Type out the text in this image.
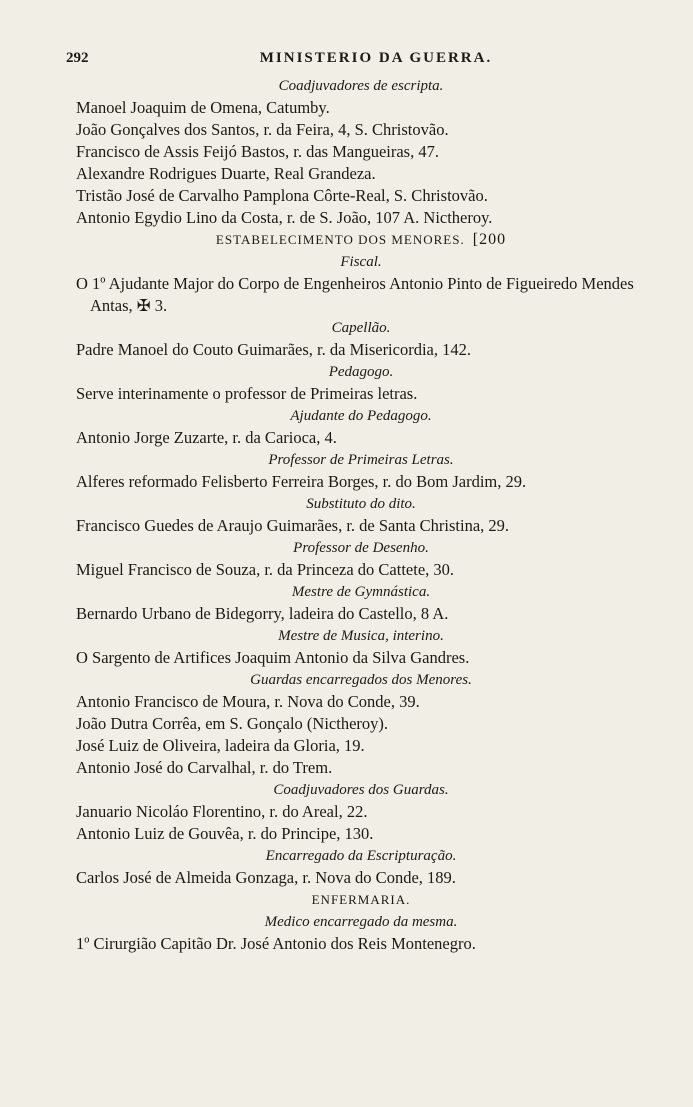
292	MINISTERIO DA GUERRA.
Coadjuvadores de escripta.
Manoel Joaquim de Omena, Catumby.
João Gonçalves dos Santos, r. da Feira, 4, S. Christovão.
Francisco de Assis Feijó Bastos, r. das Mangueiras, 47.
Alexandre Rodrigues Duarte, Real Grandeza.
Tristão José de Carvalho Pamplona Côrte-Real, S. Christovão.
Antonio Egydio Lino da Costa, r. de S. João, 107 A. Nictheroy.
ESTABELECIMENTO DOS MENORES. [200
Fiscal.
O 1º Ajudante Major do Corpo de Engenheiros Antonio Pinto de Figueiredo Mendes Antas, ✠ 3.
Capellão.
Padre Manoel do Couto Guimarães, r. da Misericordia, 142.
Pedagogo.
Serve interinamente o professor de Primeiras letras.
Ajudante do Pedagogo.
Antonio Jorge Zuzarte, r. da Carioca, 4.
Professor de Primeiras Letras.
Alferes reformado Felisberto Ferreira Borges, r. do Bom Jardim, 29.
Substituto do dito.
Francisco Guedes de Araujo Guimarães, r. de Santa Christina, 29.
Professor de Desenho.
Miguel Francisco de Souza, r. da Princeza do Cattete, 30.
Mestre de Gymnástica.
Bernardo Urbano de Bidegorry, ladeira do Castello, 8 A.
Mestre de Musica, interino.
O Sargento de Artifices Joaquim Antonio da Silva Gandres.
Guardas encarregados dos Menores.
Antonio Francisco de Moura, r. Nova do Conde, 39.
João Dutra Corrêa, em S. Gonçalo (Nictheroy).
José Luiz de Oliveira, ladeira da Gloria, 19.
Antonio José do Carvalhal, r. do Trem.
Coadjuvadores dos Guardas.
Januario Nicoláo Florentino, r. do Areal, 22.
Antonio Luiz de Gouvêa, r. do Principe, 130.
Encarregado da Escripturação.
Carlos José de Almeida Gonzaga, r. Nova do Conde, 189.
ENFERMARIA.
Medico encarregado da mesma.
1º Cirurgião Capitão Dr. José Antonio dos Reis Montenegro.
